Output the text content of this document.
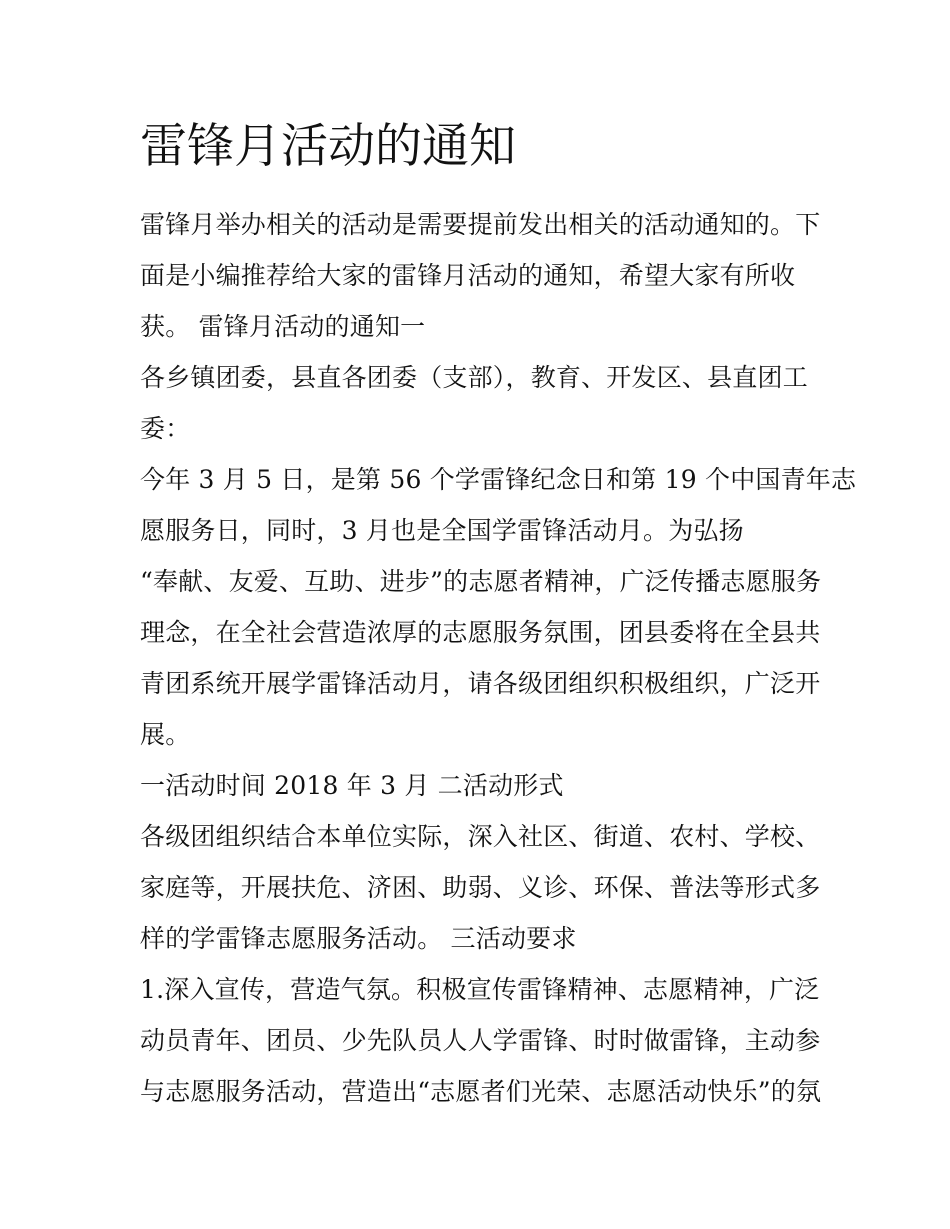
雷锋月活动的通知
雷锋月举办相关的活动是需要提前发出相关的活动通知的。下
面是小编推荐给大家的雷锋月活动的通知，希望大家有所收
获。 雷锋月活动的通知一
各乡镇团委，县直各团委（支部），教育、开发区、县直团工
委：
今年 3 月 5 日，是第 56 个学雷锋纪念日和第 19 个中国青年志
愿服务日，同时，3 月也是全国学雷锋活动月。为弘扬
“奉献、友爱、互助、进步”的志愿者精神，广泛传播志愿服务
理念，在全社会营造浓厚的志愿服务氛围，团县委将在全县共
青团系统开展学雷锋活动月，请各级团组织积极组织，广泛开
展。
一活动时间 2018 年 3 月 二活动形式
各级团组织结合本单位实际，深入社区、街道、农村、学校、
家庭等，开展扶危、济困、助弱、义诊、环保、普法等形式多
样的学雷锋志愿服务活动。 三活动要求
1.深入宣传，营造气氛。积极宣传雷锋精神、志愿精神，广泛
动员青年、团员、少先队员人人学雷锋、时时做雷锋，主动参
与志愿服务活动，营造出“志愿者们光荣、志愿活动快乐”的氛
